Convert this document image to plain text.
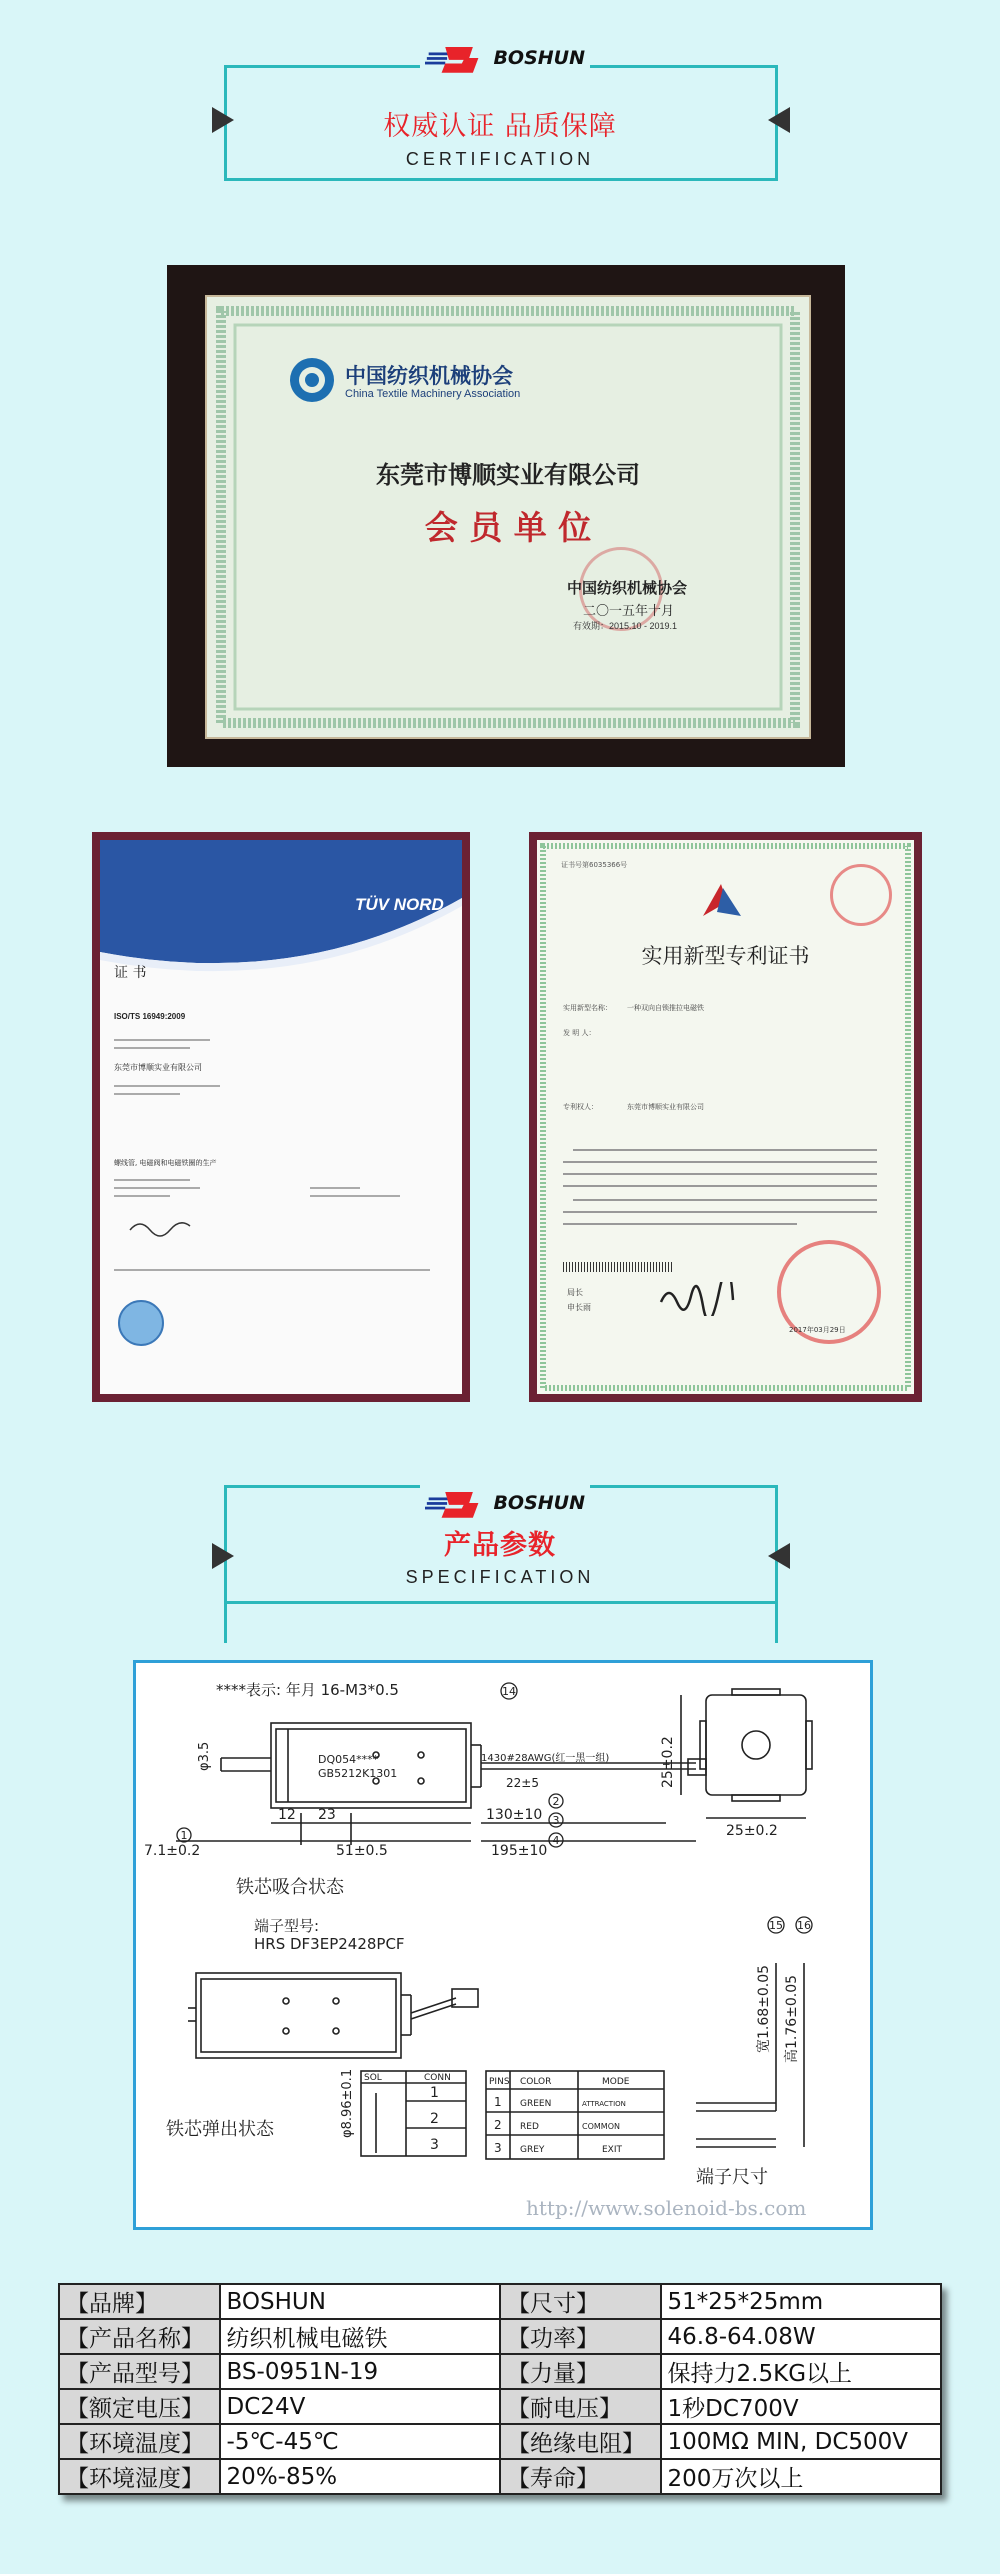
BOSHUN
权威认证 品质保障
CERTIFICATION
中国纺织机械协会
China Textile Machinery Association
东莞市博顺实业有限公司
会 员 单 位
中国纺织机械协会
二〇一五年十月
有效期：2015.10 - 2019.1
TÜV NORD
证 书
ISO/TS 16949:2009
东莞市博顺实业有限公司
螺线管, 电磁阀和电磁铁圈的生产
证书号第6035366号
实用新型专利证书
实用新型名称： 一种双向自锁推拉电磁铁
发 明 人：
专利权人：	东莞市博顺实业有限公司
局长
申长雨
2017年03月29日
BOSHUN
产品参数
SPECIFICATION
14
1
2
3
4
15 16
****表示: 年月 16-M3*0.5
DQ054****
GB5212K1301
φ3.5
12 23
7.1±0.2	51±0.5
130±10
195±10
22±5
1430#28AWG(红一黑一组)	25±0.2
25±0.2
铁芯吸合状态
端子型号:
HRS DF3EP2428PCF
φ8.96±0.1
铁芯弹出状态
宽1.68±0.05 高1.76±0.05
端子尺寸
SOL	CONN
1
2
3
PINS COLOR	MODE
1 GREEN	ATTRACTION
2 RED	COMMON
3 GREY	EXIT
http://www.solenoid-bs.com
【品牌】	BOSHUN	【尺寸】	51*25*25mm
【产品名称】	纺织机械电磁铁	【功率】	46.8-64.08W
【产品型号】	BS-0951N-19	【力量】	保持力2.5KG以上
【额定电压】	DC24V	【耐电压】	1秒DC700V
【环境温度】	-5℃-45℃	【绝缘电阻】	100MΩ MIN, DC500V
【环境湿度】	20%-85%	【寿命】	200万次以上
